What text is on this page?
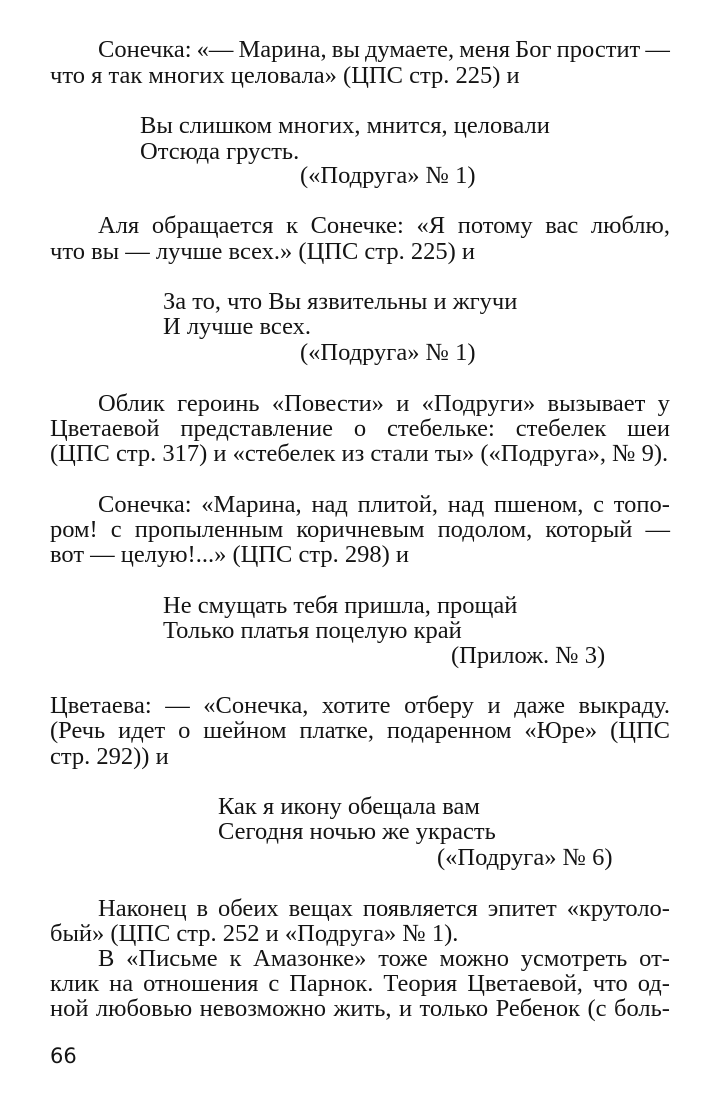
Сонечка: «— Марина, вы думаете, меня Бог простит —
что я так многих целовала» (ЦПС стр. 225) и
Вы слишком многих, мнится, целовали
Отсюда грусть.
(«Подруга» № 1)
Аля обращается к Сонечке: «Я потому вас люблю,
что вы — лучше всех.» (ЦПС стр. 225) и
За то, что Вы язвительны и жгучи
И лучше всех.
(«Подруга» № 1)
Облик героинь «Повести» и «Подруги» вызывает у
Цветаевой представление о стебельке: стебелек шеи
(ЦПС стр. 317) и «стебелек из стали ты» («Подруга», № 9).
Сонечка: «Марина, над плитой, над пшеном, с топо-
ром! с пропыленным коричневым подолом, который —
вот — целую!...» (ЦПС стр. 298) и
Не смущать тебя пришла, прощай
Только платья поцелую край
(Прилож. № 3)
Цветаева: — «Сонечка, хотите отберу и даже выкраду.
(Речь идет о шейном платке, подаренном «Юре» (ЦПС
стр. 292)) и
Как я икону обещала вам
Сегодня ночью же украсть
(«Подруга» № 6)
Наконец в обеих вещах появляется эпитет «крутоло-
бый» (ЦПС стр. 252 и «Подруга» № 1).
В «Письме к Амазонке» тоже можно усмотреть от-
клик на отношения с Парнок. Теория Цветаевой, что од-
ной любовью невозможно жить, и только Ребенок (с боль-
66
